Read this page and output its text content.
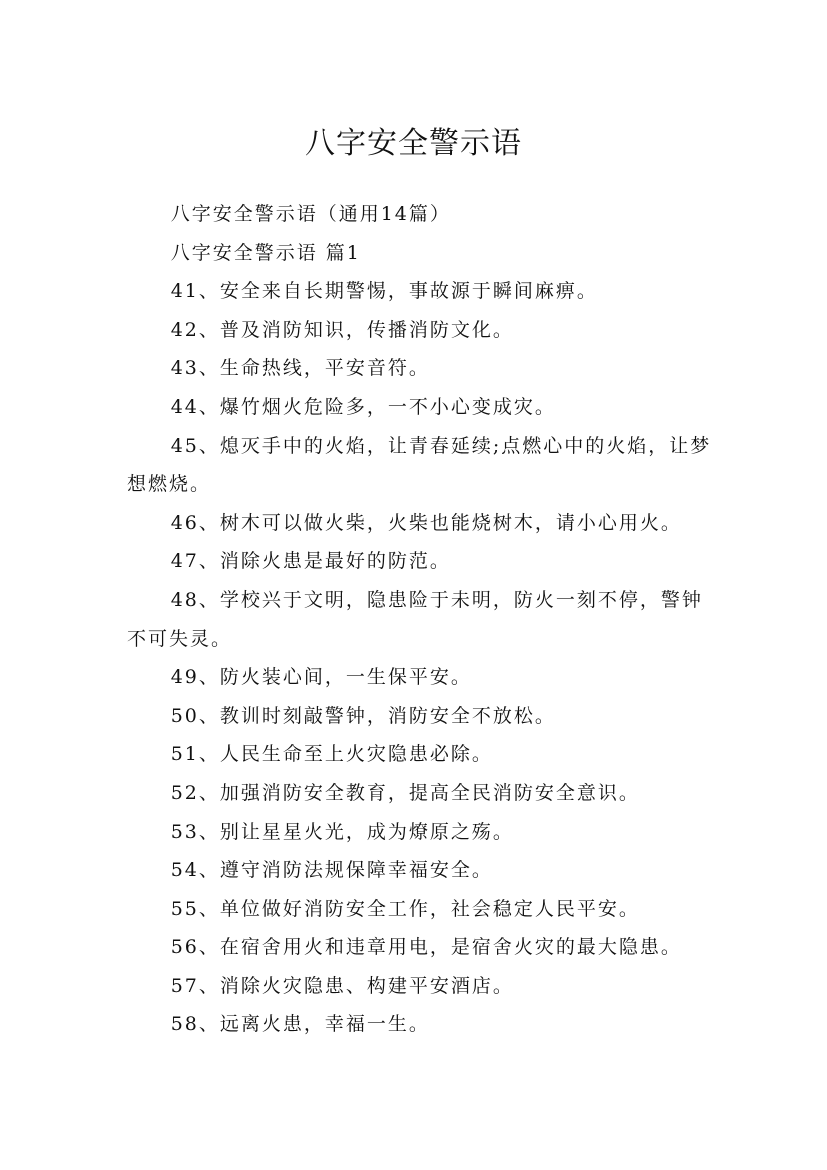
八字安全警示语

八字安全警示语（通用14篇）

八字安全警示语 篇1

41、安全来自长期警惕，事故源于瞬间麻痹。

42、普及消防知识，传播消防文化。

43、生命热线，平安音符。

44、爆竹烟火危险多，一不小心变成灾。

45、熄灭手中的火焰，让青春延续;点燃心中的火焰，让梦想燃烧。

46、树木可以做火柴，火柴也能烧树木，请小心用火。

47、消除火患是最好的防范。

48、学校兴于文明，隐患险于未明，防火一刻不停，警钟不可失灵。

49、防火装心间，一生保平安。

50、教训时刻敲警钟，消防安全不放松。

51、人民生命至上火灾隐患必除。

52、加强消防安全教育，提高全民消防安全意识。

53、别让星星火光，成为燎原之殇。

54、遵守消防法规保障幸福安全。

55、单位做好消防安全工作，社会稳定人民平安。

56、在宿舍用火和违章用电，是宿舍火灾的最大隐患。

57、消除火灾隐患、构建平安酒店。

58、远离火患，幸福一生。
